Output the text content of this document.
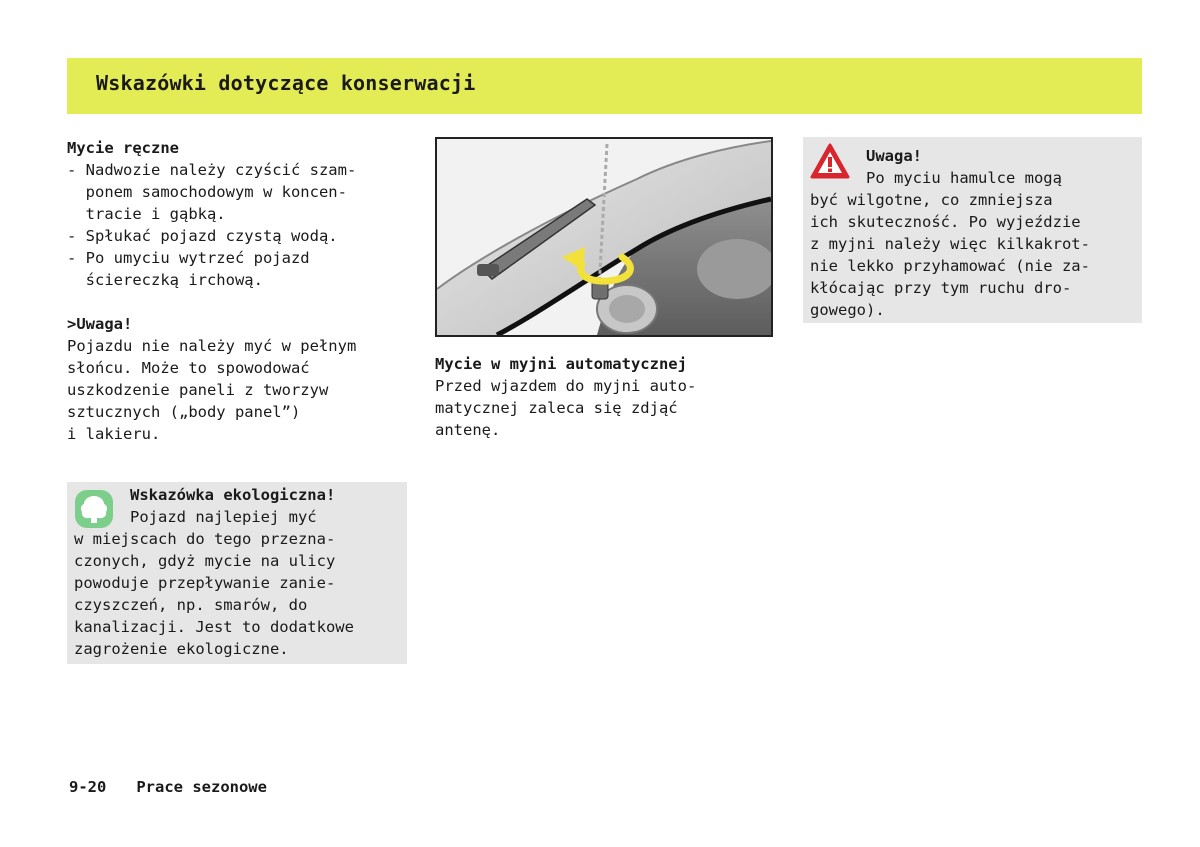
Wskazówki dotyczące konserwacji
Mycie ręczne
- Nadwozie należy czyścić szam-
ponem samochodowym w koncen-
tracie i gąbką.
- Spłukać pojazd czystą wodą.
- Po umyciu wytrzeć pojazd
ściereczką irchową.
>Uwaga!

Pojazdu nie należy myć w pełnym
słońcu. Może to spowodować
uszkodzenie paneli z tworzyw
sztucznych („body panel”)
i lakieru.

Wskazówka ekologiczna!
Pojazd najlepiej myć

w miejscach do tego przezna-
czonych, gdyż mycie na ulicy
powoduje przepływanie zanie-
czyszczeń, np. smarów, do
kanalizacji. Jest to dodatkowe
zagrożenie ekologiczne.

Mycie w myjni automatycznej

Przed wjazdem do myjni auto-
matycznej zaleca się zdjąć
antenę.

Uwaga!
Po myciu hamulce mogą

być wilgotne, co zmniejsza
ich skuteczność. Po wyjeździe
z myjni należy więc kilkakrot-
nie lekko przyhamować (nie za-
kłócając przy tym ruchu dro-
gowego).

9-20 Prace sezonowe
